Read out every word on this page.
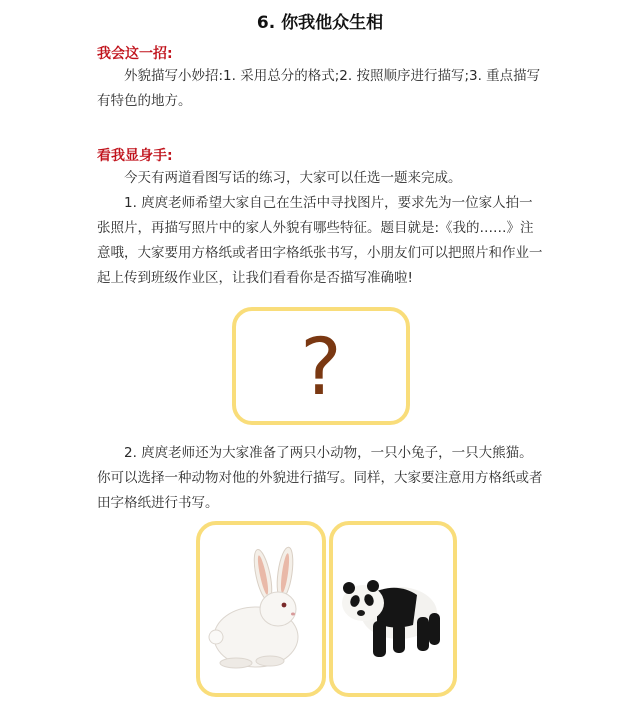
6. 你我他众生相
我会这一招:

外貌描写小妙招:1. 采用总分的格式;2. 按照顺序进行描写;3. 重点描写有特色的地方。

看我显身手:

今天有两道看图写话的练习，大家可以任选一题来完成。

1. 庹庹老师希望大家自己在生活中寻找图片，要求先为一位家人拍一张照片，再描写照片中的家人外貌有哪些特征。题目就是:《我的……》注意哦，大家要用方格纸或者田字格纸张书写，小朋友们可以把照片和作业一起上传到班级作业区，让我们看看你是否描写准确啦!

?

2. 庹庹老师还为大家准备了两只小动物，一只小兔子，一只大熊猫。你可以选择一种动物对他的外貌进行描写。同样，大家要注意用方格纸或者田字格纸进行书写。
